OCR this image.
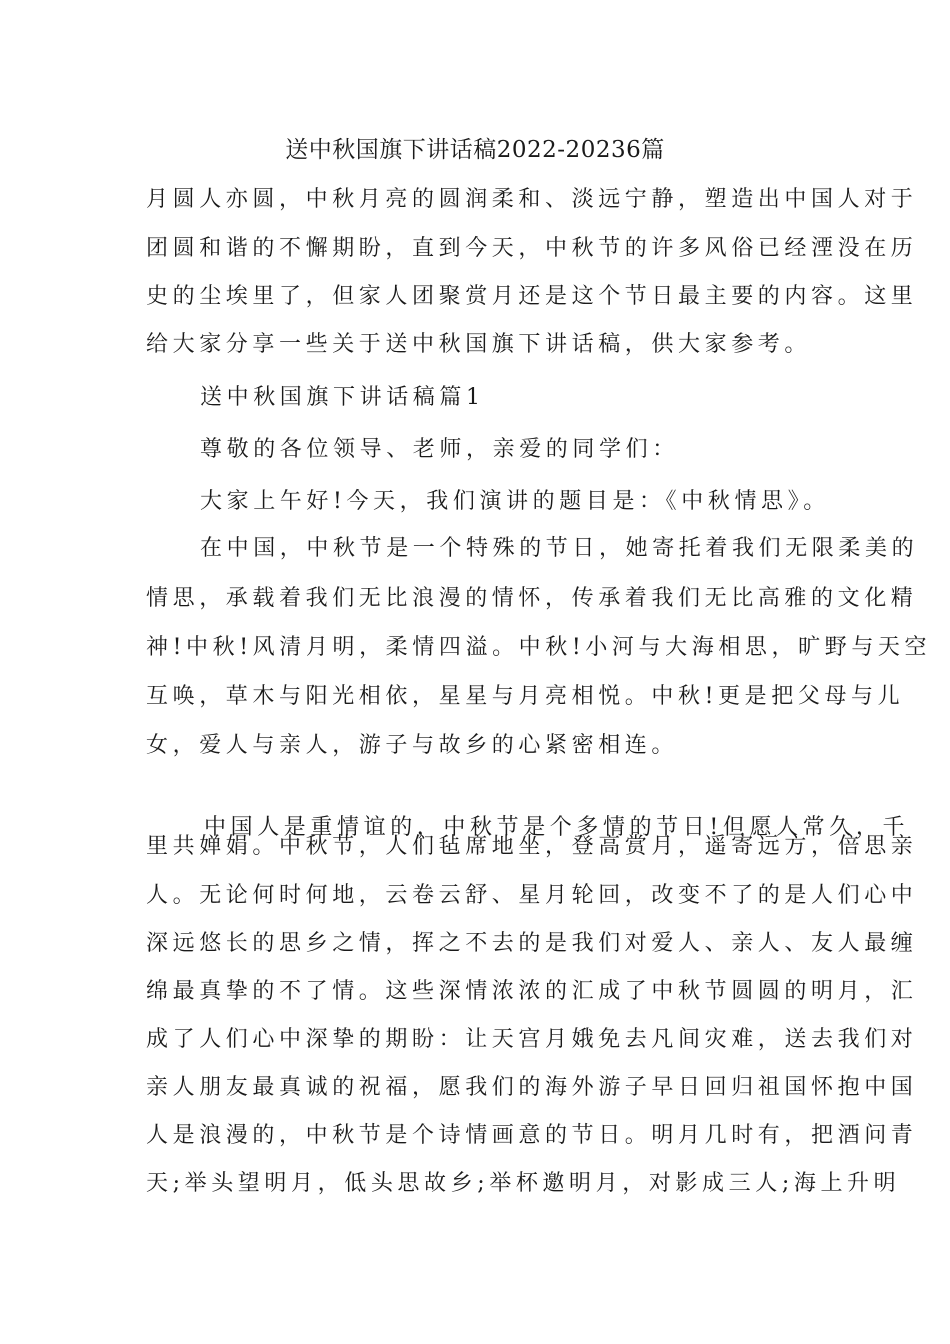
送中秋国旗下讲话稿2022-20236篇
月圆人亦圆，中秋月亮的圆润柔和、淡远宁静，塑造出中国人对于
团圆和谐的不懈期盼，直到今天，中秋节的许多风俗已经湮没在历
史的尘埃里了，但家人团聚赏月还是这个节日最主要的内容。这里
给大家分享一些关于送中秋国旗下讲话稿，供大家参考。
送中秋国旗下讲话稿篇1
尊敬的各位领导、老师，亲爱的同学们：
大家上午好!今天，我们演讲的题目是：《中秋情思》。
在中国，中秋节是一个特殊的节日，她寄托着我们无限柔美的
情思，承载着我们无比浪漫的情怀，传承着我们无比高雅的文化精
神!中秋!风清月明，柔情四溢。中秋!小河与大海相思，旷野与天空
互唤，草木与阳光相依，星星与月亮相悦。中秋!更是把父母与儿
女，爱人与亲人，游子与故乡的心紧密相连。
中国人是重情谊的，中秋节是个多情的节日!但愿人常久，千
里共婵娟。中秋节，人们毡席地坐，登高赏月，遥寄远方，倍思亲
人。无论何时何地，云卷云舒、星月轮回，改变不了的是人们心中
深远悠长的思乡之情，挥之不去的是我们对爱人、亲人、友人最缠
绵最真挚的不了情。这些深情浓浓的汇成了中秋节圆圆的明月，汇
成了人们心中深挚的期盼：让天宫月娥免去凡间灾难，送去我们对
亲人朋友最真诚的祝福，愿我们的海外游子早日回归祖国怀抱中国
人是浪漫的，中秋节是个诗情画意的节日。明月几时有，把酒问青
天;举头望明月，低头思故乡;举杯邀明月，对影成三人;海上升明
